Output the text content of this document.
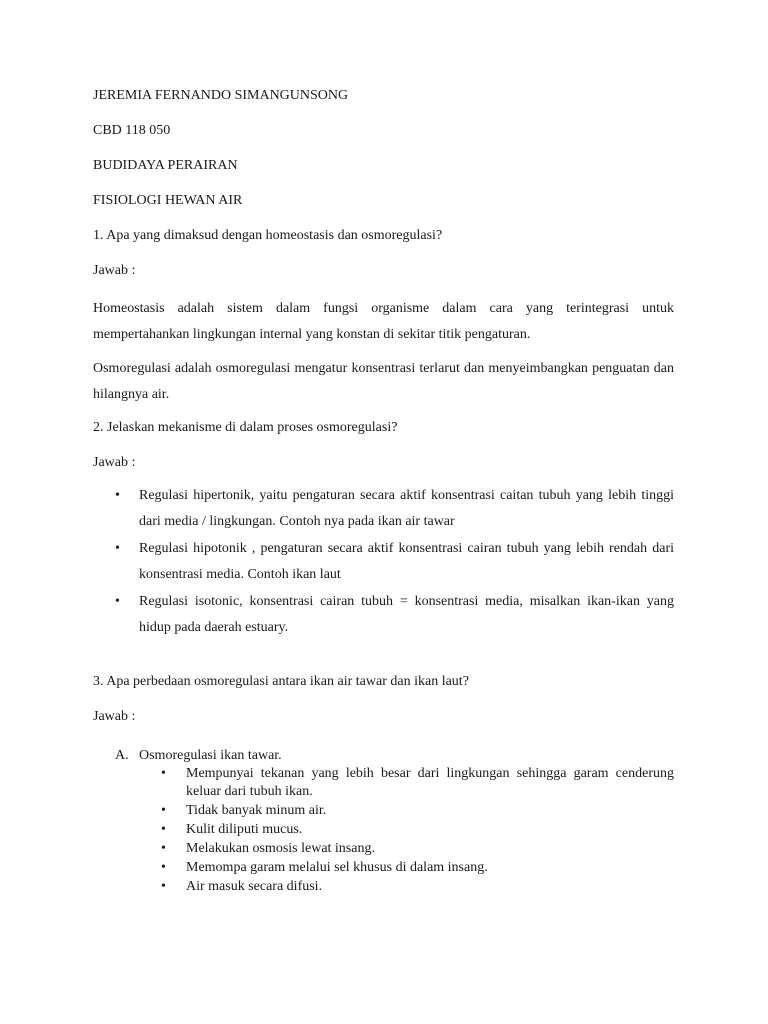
JEREMIA FERNANDO SIMANGUNSONG
CBD 118 050
BUDIDAYA PERAIRAN
FISIOLOGI HEWAN AIR
1. Apa yang dimaksud dengan homeostasis dan osmoregulasi?
Jawab :
Homeostasis adalah sistem dalam fungsi organisme dalam cara yang terintegrasi untuk mempertahankan lingkungan internal yang konstan di sekitar titik pengaturan.
Osmoregulasi adalah osmoregulasi mengatur konsentrasi terlarut dan menyeimbangkan penguatan dan hilangnya air.
2. Jelaskan mekanisme di dalam proses osmoregulasi?
Jawab :
• Regulasi hipertonik, yaitu pengaturan secara aktif konsentrasi caitan tubuh yang lebih tinggi dari media / lingkungan. Contoh nya pada ikan air tawar
• Regulasi hipotonik , pengaturan secara aktif konsentrasi cairan tubuh yang lebih rendah dari konsentrasi media. Contoh ikan laut
• Regulasi isotonic, konsentrasi cairan tubuh = konsentrasi media, misalkan ikan-ikan yang hidup pada daerah estuary.
3. Apa perbedaan osmoregulasi antara ikan air tawar dan ikan laut?
Jawab :
A. Osmoregulasi ikan tawar.
• Mempunyai tekanan yang lebih besar dari lingkungan sehingga garam cenderung keluar dari tubuh ikan.
• Tidak banyak minum air.
• Kulit diliputi mucus.
• Melakukan osmosis lewat insang.
• Memompa garam melalui sel khusus di dalam insang.
• Air masuk secara difusi.
